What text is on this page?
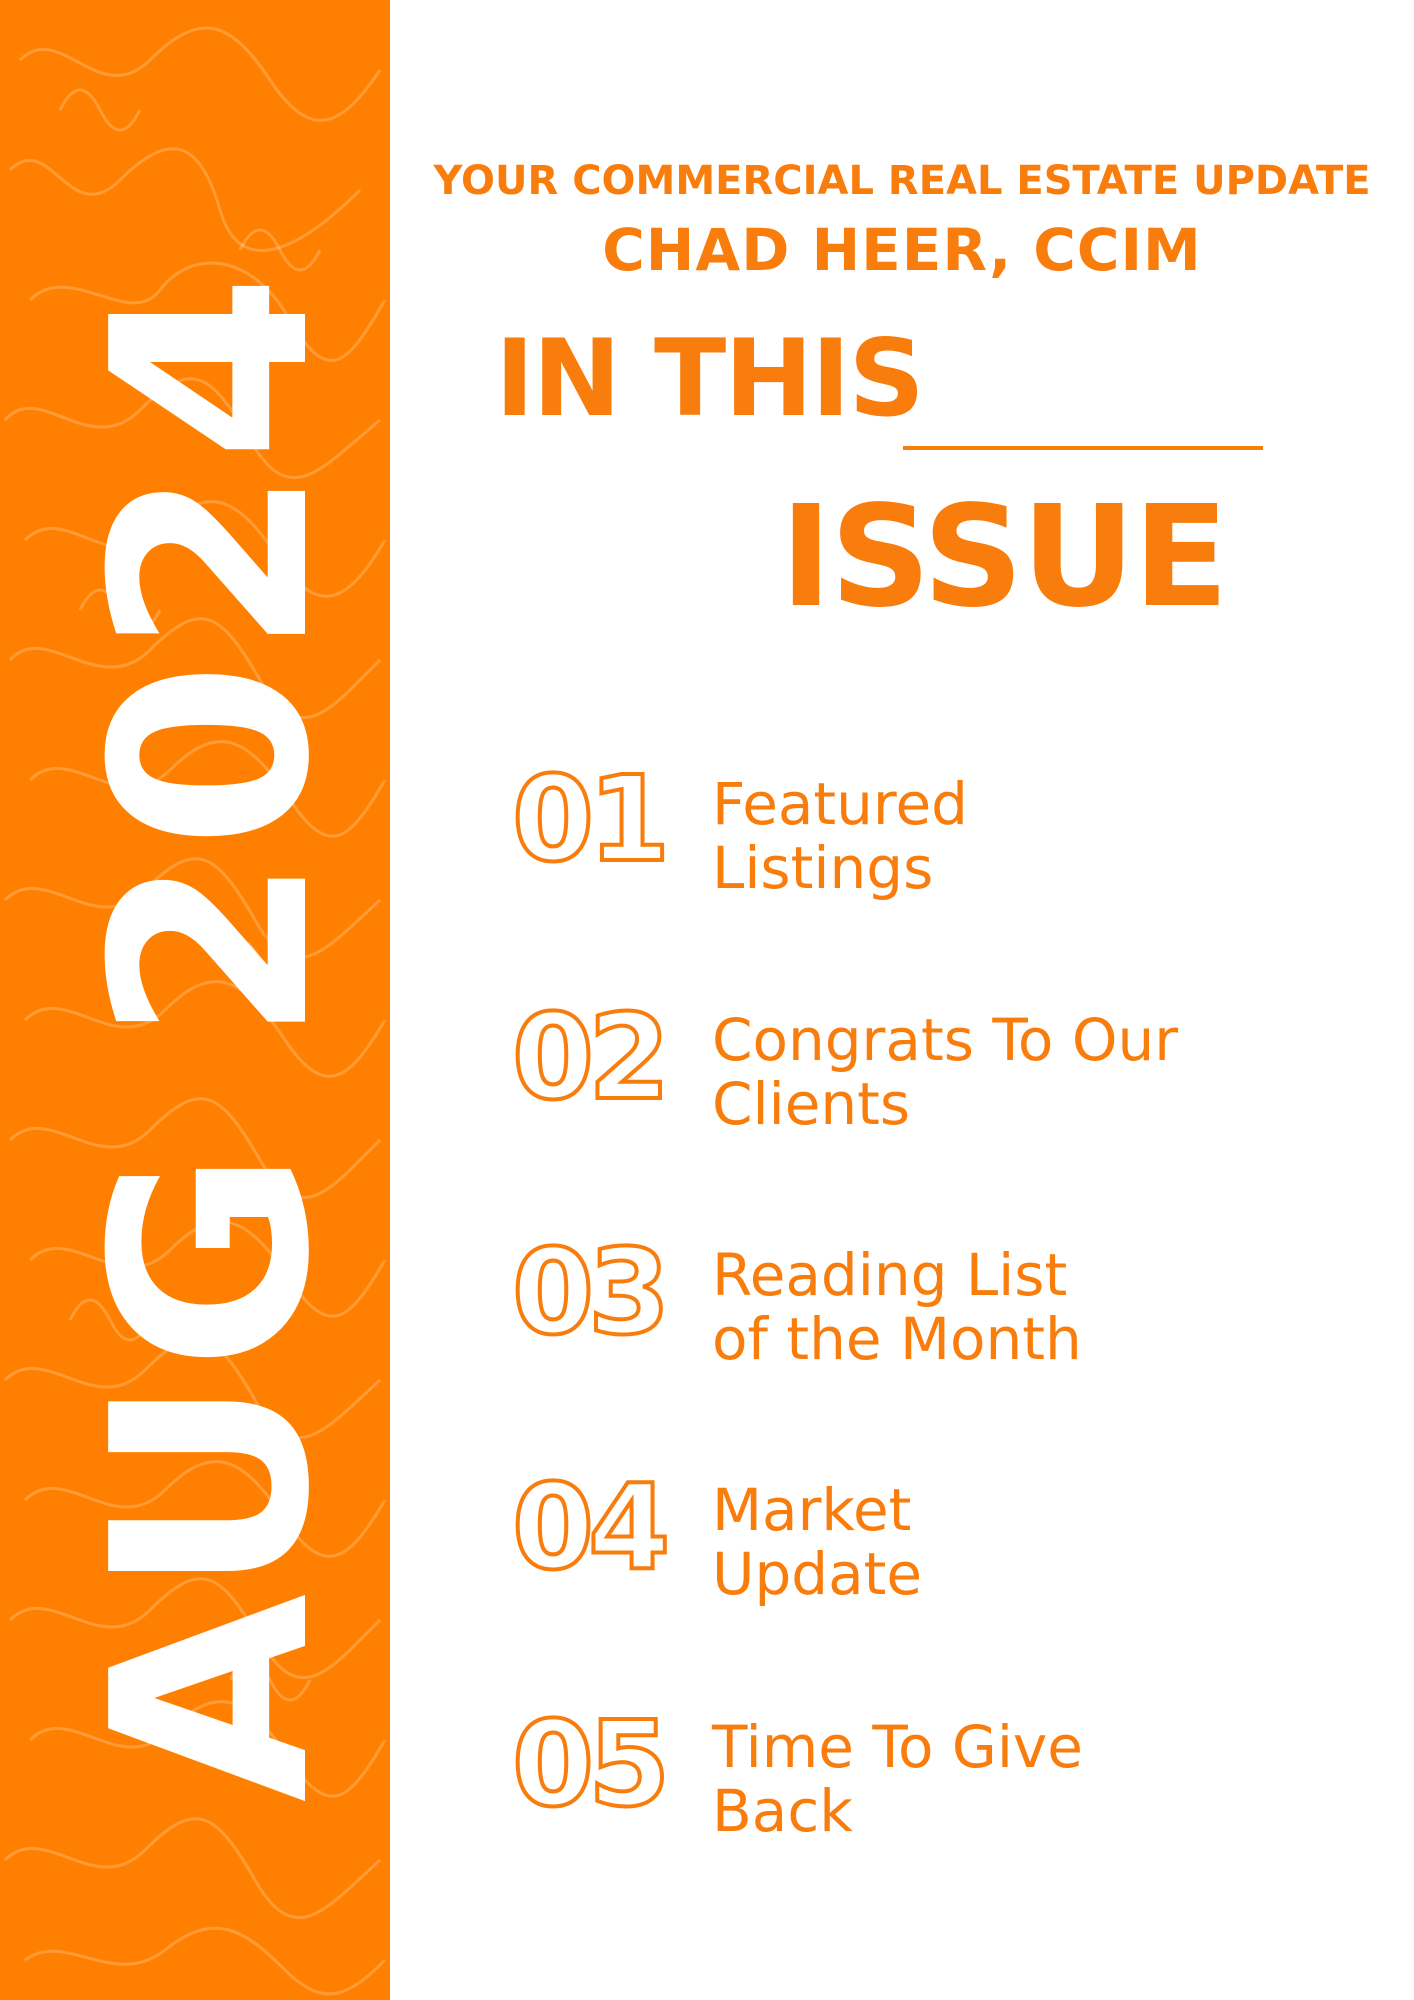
AUG 2024
YOUR COMMERCIAL REAL ESTATE UPDATE
CHAD HEER, CCIM
IN THIS
ISSUE
01 Featured
Listings
02 Congrats To Our
Clients
03 Reading List
of the Month
04 Market
Update
05 Time To Give
Back
